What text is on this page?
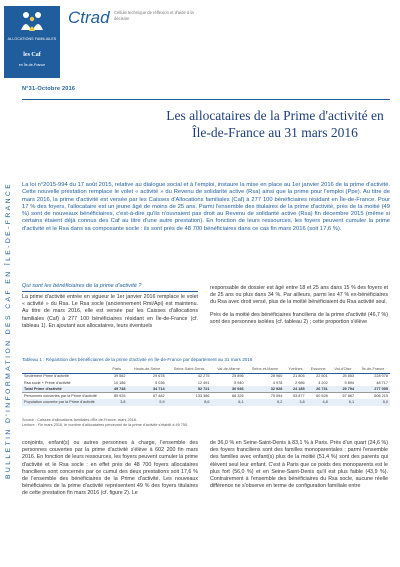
ALLOCATIONS FAMILIALES
les Caf
en Île-de-France
Ctrad Cellule technique de réflexion et d'aide à la décision
BULLETIN D'INFORMATION DES CAF EN ÎLE-DE-FRANCE
N°31-Octobre 2016
Les allocataires de la Prime d'activité en Île-de-France au 31 mars 2016
La loi n°2015-994 du 17 août 2015, relative au dialogue social et à l'emploi, instaure la mise en place au 1er janvier 2016 de la prime d'activité. Cette nouvelle prestation remplace le volet « activité » du Revenu de solidarité active (Rsa) ainsi que la prime pour l'emploi (Ppe). Au titre de mars 2016, la prime d'activité est versée par les Caisses d'Allocations familiales (Caf) à 277 100 bénéficiaires résidant en Île-de-France. Pour 17 % des foyers, l'allocataire est un jeune âgé de moins de 25 ans. Parmi l'ensemble des titulaires de la prime d'activité, près de la moitié (49 %) sont de nouveaux bénéficiaires, c'est-à-dire qu'ils n'ouvraient pas droit au Revenu de solidarité active (Rsa) fin décembre 2015 (même si certains étaient déjà connus des Caf au titre d'une autre prestation). En fonction de leurs ressources, les foyers peuvent cumuler la prime d'activité et le Rsa dans sa composante socle : ils sont près de 48 700 bénéficiaires dans ce cas fin mars 2016 (soit 17,6 %).
Qui sont les bénéficiaires de la prime d'activité ?
La prime d'activité entrée en vigueur le 1er janvier 2016 remplace le volet « activité » du Rsa. Le Rsa socle (anciennement Rmi/Api) est maintenu. Au titre de mars 2016, elle est versée par les Caisses d'allocations familiales (Caf) à 277 100 bénéficiaires résidant en Île-de-France (cf. tableau 1). En ajoutant aux allocataires, leurs éventuels
responsable de dossier est âgé entre 18 et 25 ans dans 15 % des foyers et de 25 ans ou plus dans 34 %. Par ailleurs, parmi les 47 % ex-bénéficiaires du Rsa avec droit versé, plus de la moitié bénéficiaient du Rsa activité seul.
Près de la moitié des bénéficiaires franciliens de la prime d'activité (46,7 %) sont des personnes isolées (cf. tableau 2) ; cette proportion s'élève
Tableau 1 : Répartition des bénéficiaires de la prime d'activité en Île-de-France par département au 31 mars 2016
	Paris	Hauts-de-Seine	Seine-Saint-Denis	Val-de-Marne	Seine-et-Marne	Yvelines	Essonne	Val-d'Oise	Île-de-France
Seulement Prime d'activité	39 562	29 678	42 275	25 896	28 960	21 805	22 501	25 853	228 078
Rsa socle + Prime d'activité	10 186	5 036	12 491	5 940	4 978	2 986	4 202	5 894	48 717
Total Prime d'activité	49 748	34 714	52 721	30 946	32 928	24 185	26 731	29 794	277 095
Personnes couvertes par la Prime d'activité	89 925	67 482	133 386	68 326	75 594	53 877	60 528	67 867	606 215
Population couverte par la Prime d'activité	3,8	5,9	8,6	6,1	6,2	3,8	4,8	6,1	5,0
Source : Caisses d'allocations familiales d'Île-de-France, mars 2016.
Lecture : Fin mars 2016, le nombre d'allocataires percevant de la prime d'activité s'établit à 49 750.
conjoints, enfant(s) ou autres personnes à charge, l'ensemble des personnes couvertes par la prime d'activité s'élève à 602 200 fin mars 2016. En fonction de leurs ressources, les foyers peuvent cumuler la prime d'activité et le Rsa socle : en effet près de 48 700 foyers allocataires franciliens sont concernés par ce cumul des deux prestations soit 17,6 % de l'ensemble des bénéficiaires de la Prime d'activité. Les nouveaux bénéficiaires de la prime d'activité représentent 49 % des foyers titulaires de cette prestation fin mars 2016 (cf. figure 2). Le
de 36,0 % en Seine-Saint-Denis à 83,1 % à Paris. Près d'un quart (24,6 %) des foyers franciliens sont des familles monoparentales : parmi l'ensemble des familles avec enfant(s) plus de la moitié (51,4 %) sont des parents qui élèvent seul leur enfant. C'est à Paris que ce poids des monoparents est le plus fort (56,0 %) et en Seine-Saint-Denis qu'il est plus faible (43,9 %). Contrairement à l'ensemble des bénéficiaires du Rsa socle, aucune réelle différence ne s'observe en terme de configuration familiale entre
